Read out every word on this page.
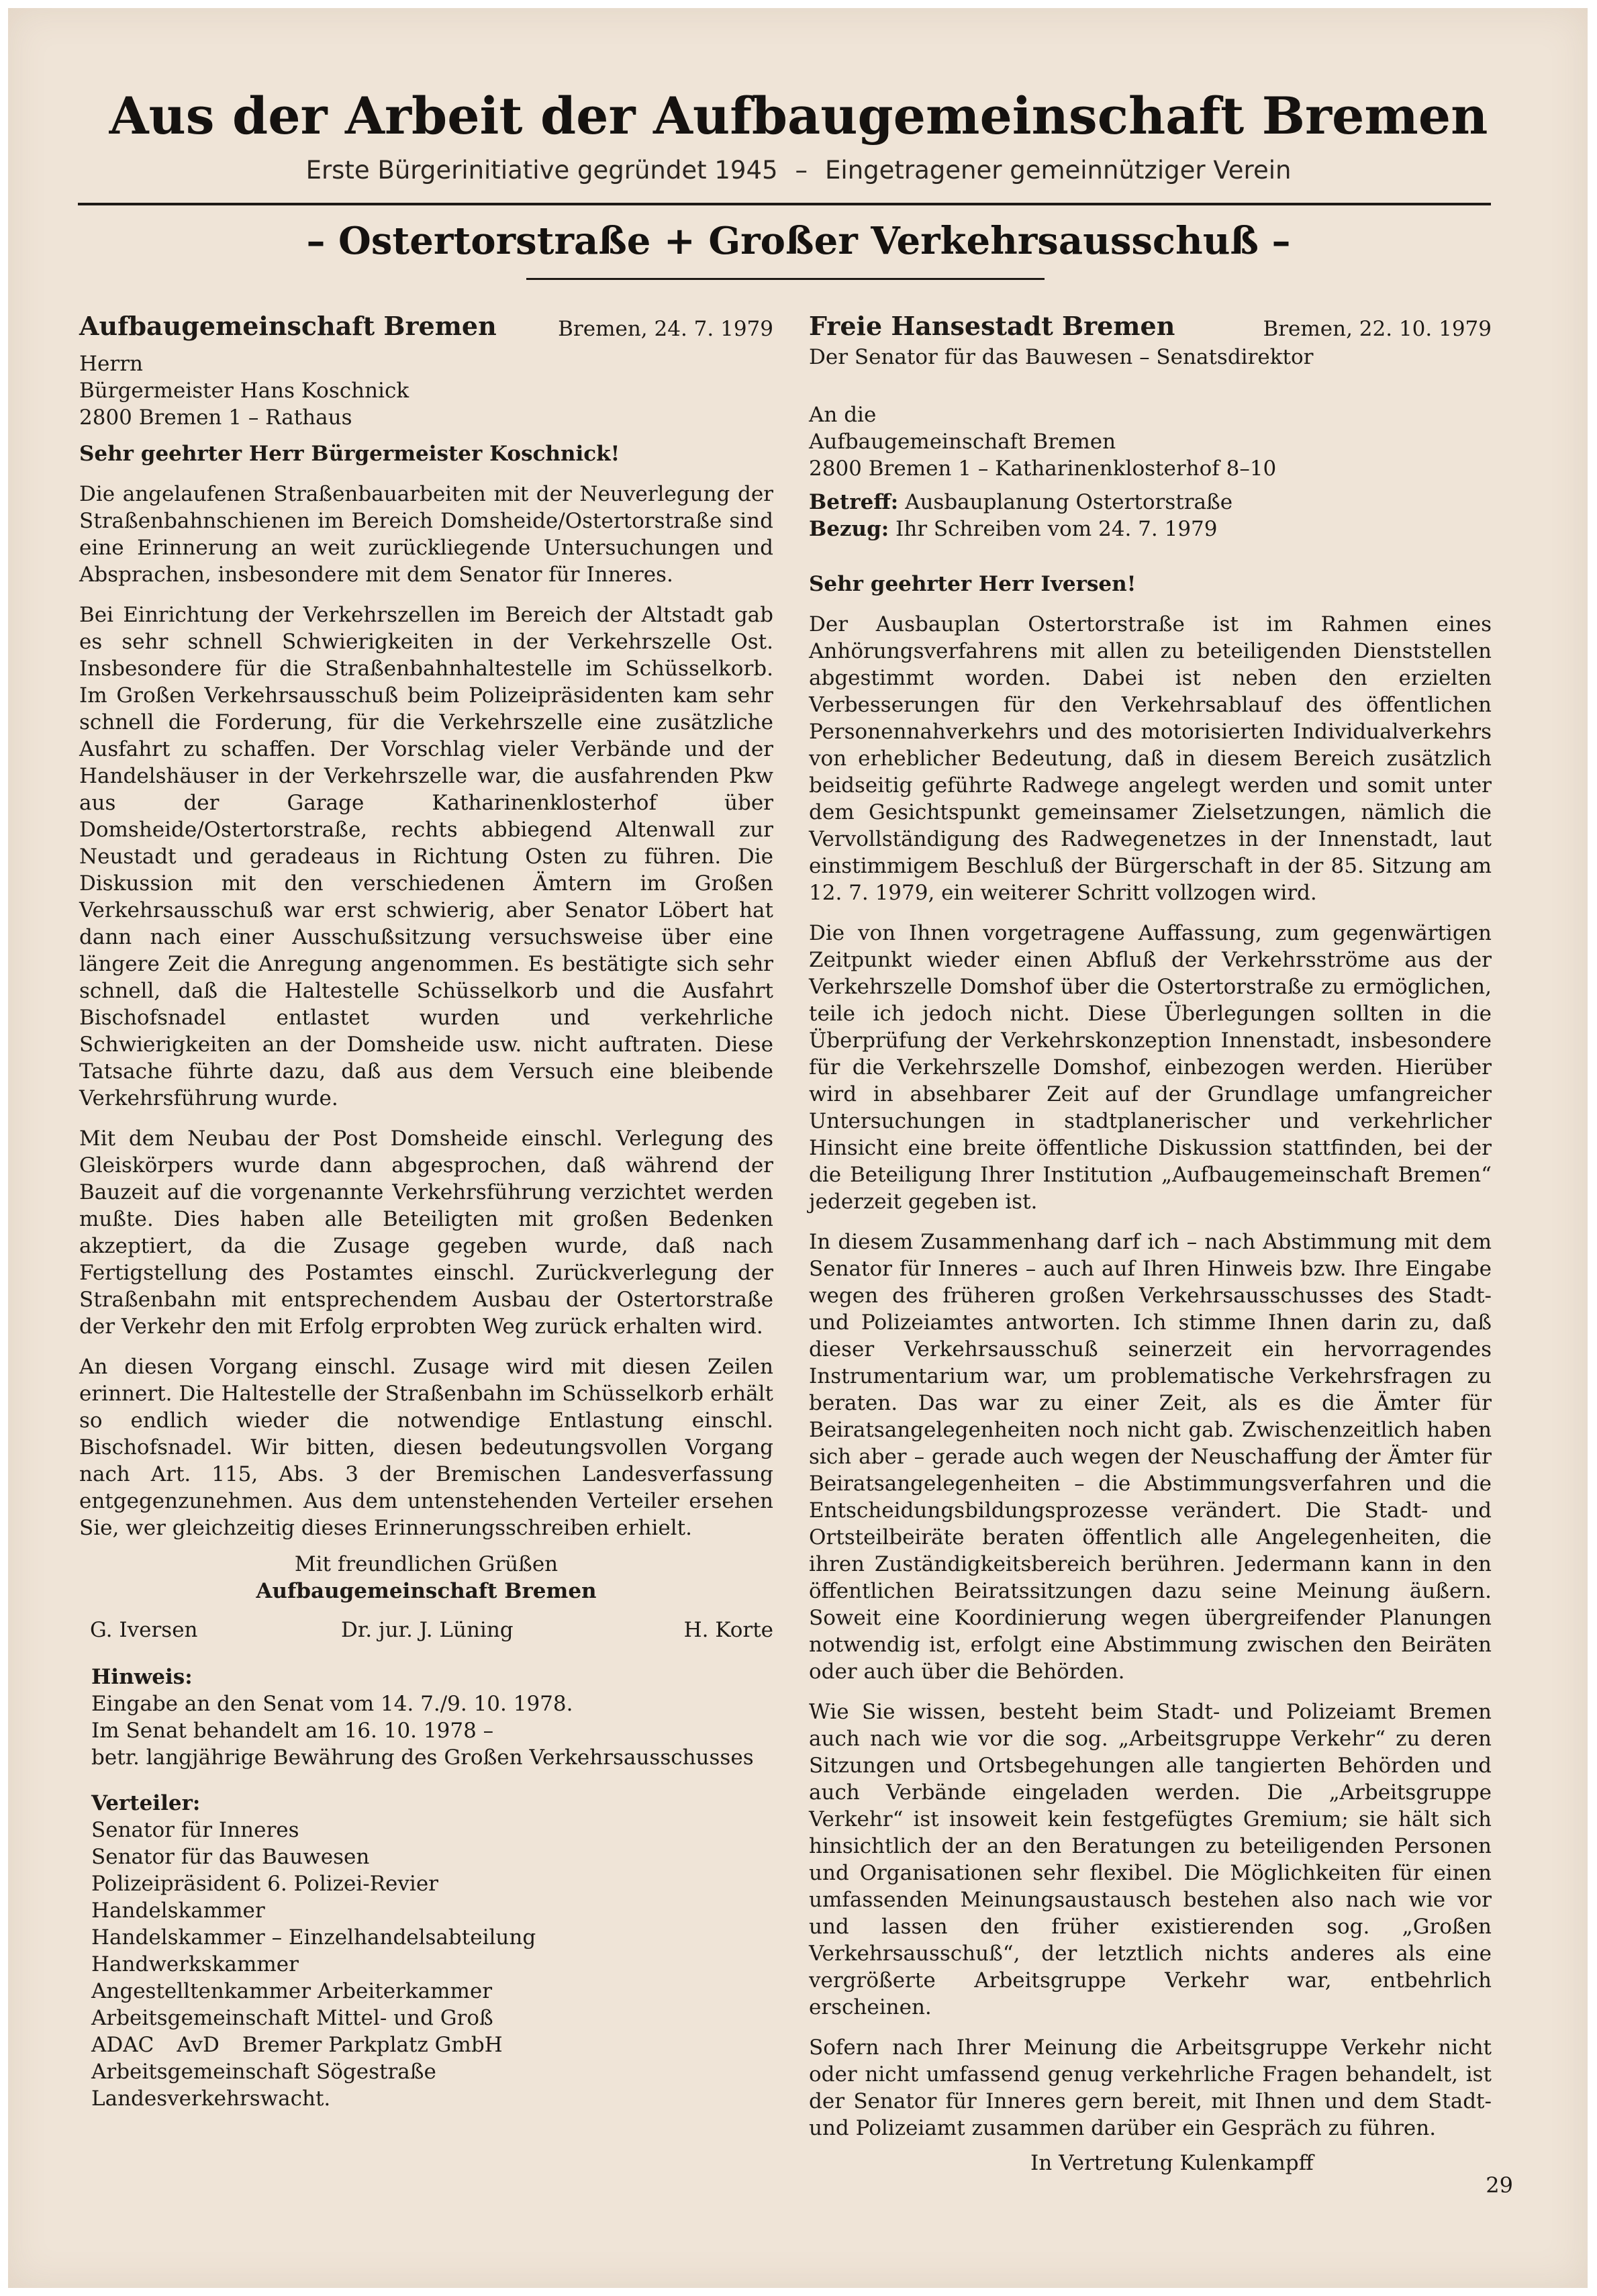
Aus der Arbeit der Aufbaugemeinschaft Bremen
Erste Bürgerinitiative gegründet 1945 – Eingetragener gemeinnütziger Verein
– Ostertorstraße + Großer Verkehrsausschuß –
Aufbaugemeinschaft Bremen	Bremen, 24. 7. 1979
Herrn
Bürgermeister Hans Koschnick
2800 Bremen 1 – Rathaus

Sehr geehrter Herr Bürgermeister Koschnick!

Die angelaufenen Straßenbauarbeiten mit der Neuverlegung der Straßenbahnschienen im Bereich Domsheide/Ostertorstraße sind eine Erinnerung an weit zurückliegende Untersuchungen und Absprachen, insbesondere mit dem Senator für Inneres.

Bei Einrichtung der Verkehrszellen im Bereich der Altstadt gab es sehr schnell Schwierigkeiten in der Verkehrszelle Ost. Insbesondere für die Straßenbahnhaltestelle im Schüsselkorb. Im Großen Verkehrsausschuß beim Polizeipräsidenten kam sehr schnell die Forderung, für die Verkehrszelle eine zusätzliche Ausfahrt zu schaffen. Der Vorschlag vieler Verbände und der Handelshäuser in der Verkehrszelle war, die ausfahrenden Pkw aus der Garage Katharinenklosterhof über Domsheide/Ostertorstraße, rechts abbiegend Altenwall zur Neustadt und geradeaus in Richtung Osten zu führen. Die Diskussion mit den verschiedenen Ämtern im Großen Verkehrsausschuß war erst schwierig, aber Senator Löbert hat dann nach einer Ausschußsitzung versuchsweise über eine längere Zeit die Anregung angenommen. Es bestätigte sich sehr schnell, daß die Haltestelle Schüsselkorb und die Ausfahrt Bischofsnadel entlastet wurden und verkehrliche Schwierigkeiten an der Domsheide usw. nicht auftraten. Diese Tatsache führte dazu, daß aus dem Versuch eine bleibende Verkehrsführung wurde.

Mit dem Neubau der Post Domsheide einschl. Verlegung des Gleiskörpers wurde dann abgesprochen, daß während der Bauzeit auf die vorgenannte Verkehrsführung verzichtet werden mußte. Dies haben alle Beteiligten mit großen Bedenken akzeptiert, da die Zusage gegeben wurde, daß nach Fertigstellung des Postamtes einschl. Zurückverlegung der Straßenbahn mit entsprechendem Ausbau der Ostertorstraße der Verkehr den mit Erfolg erprobten Weg zurück erhalten wird.

An diesen Vorgang einschl. Zusage wird mit diesen Zeilen erinnert. Die Haltestelle der Straßenbahn im Schüsselkorb erhält so endlich wieder die notwendige Entlastung einschl. Bischofsnadel. Wir bitten, diesen bedeutungsvollen Vorgang nach Art. 115, Abs. 3 der Bremischen Landesverfassung entgegenzunehmen. Aus dem untenstehenden Verteiler ersehen Sie, wer gleichzeitig dieses Erinnerungsschreiben erhielt.

Mit freundlichen Grüßen
Aufbaugemeinschaft Bremen
G. Iversen	Dr. jur. J. Lüning	H. Korte
Hinweis:
Eingabe an den Senat vom 14. 7./9. 10. 1978.
Im Senat behandelt am 16. 10. 1978 –
betr. langjährige Bewährung des Großen Verkehrsausschusses
Verteiler:
Senator für Inneres
Senator für das Bauwesen
Polizeipräsident 6. Polizei-Revier
Handelskammer
Handelskammer – Einzelhandelsabteilung
Handwerkskammer
Angestelltenkammer Arbeiterkammer
Arbeitsgemeinschaft Mittel- und Groß
ADAC AvD Bremer Parkplatz GmbH
Arbeitsgemeinschaft Sögestraße
Landesverkehrswacht.
Freie Hansestadt Bremen	Bremen, 22. 10. 1979
Der Senator für das Bauwesen – Senatsdirektor
An die
Aufbaugemeinschaft Bremen
2800 Bremen 1 – Katharinenklosterhof 8–10
Betreff: Ausbauplanung Ostertorstraße
Bezug: Ihr Schreiben vom 24. 7. 1979

Sehr geehrter Herr Iversen!

Der Ausbauplan Ostertorstraße ist im Rahmen eines Anhörungsverfahrens mit allen zu beteiligenden Dienststellen abgestimmt worden. Dabei ist neben den erzielten Verbesserungen für den Verkehrsablauf des öffentlichen Personennahverkehrs und des motorisierten Individualverkehrs von erheblicher Bedeutung, daß in diesem Bereich zusätzlich beidseitig geführte Radwege angelegt werden und somit unter dem Gesichtspunkt gemeinsamer Zielsetzungen, nämlich die Vervollständigung des Radwegenetzes in der Innenstadt, laut einstimmigem Beschluß der Bürgerschaft in der 85. Sitzung am 12. 7. 1979, ein weiterer Schritt vollzogen wird.

Die von Ihnen vorgetragene Auffassung, zum gegenwärtigen Zeitpunkt wieder einen Abfluß der Verkehrsströme aus der Verkehrszelle Domshof über die Ostertorstraße zu ermöglichen, teile ich jedoch nicht. Diese Überlegungen sollten in die Überprüfung der Verkehrskonzeption Innenstadt, insbesondere für die Verkehrszelle Domshof, einbezogen werden. Hierüber wird in absehbarer Zeit auf der Grundlage umfangreicher Untersuchungen in stadtplanerischer und verkehrlicher Hinsicht eine breite öffentliche Diskussion stattfinden, bei der die Beteiligung Ihrer Institution „Aufbaugemeinschaft Bremen“ jederzeit gegeben ist.

In diesem Zusammenhang darf ich – nach Abstimmung mit dem Senator für Inneres – auch auf Ihren Hinweis bzw. Ihre Eingabe wegen des früheren großen Verkehrsausschusses des Stadt- und Polizeiamtes antworten. Ich stimme Ihnen darin zu, daß dieser Verkehrsausschuß seinerzeit ein hervorragendes Instrumentarium war, um problematische Verkehrsfragen zu beraten. Das war zu einer Zeit, als es die Ämter für Beiratsangelegenheiten noch nicht gab. Zwischenzeitlich haben sich aber – gerade auch wegen der Neuschaffung der Ämter für Beiratsangelegenheiten – die Abstimmungsverfahren und die Entscheidungsbildungsprozesse verändert. Die Stadt- und Ortsteilbeiräte beraten öffentlich alle Angelegenheiten, die ihren Zuständigkeitsbereich berühren. Jedermann kann in den öffentlichen Beiratssitzungen dazu seine Meinung äußern. Soweit eine Koordinierung wegen übergreifender Planungen notwendig ist, erfolgt eine Abstimmung zwischen den Beiräten oder auch über die Behörden.

Wie Sie wissen, besteht beim Stadt- und Polizeiamt Bremen auch nach wie vor die sog. „Arbeitsgruppe Verkehr“ zu deren Sitzungen und Ortsbegehungen alle tangierten Behörden und auch Verbände eingeladen werden. Die „Arbeitsgruppe Verkehr“ ist insoweit kein festgefügtes Gremium; sie hält sich hinsichtlich der an den Beratungen zu beteiligenden Personen und Organisationen sehr flexibel. Die Möglichkeiten für einen umfassenden Meinungsaustausch bestehen also nach wie vor und lassen den früher existierenden sog. „Großen Verkehrsausschuß“, der letztlich nichts anderes als eine vergrößerte Arbeitsgruppe Verkehr war, entbehrlich erscheinen.

Sofern nach Ihrer Meinung die Arbeitsgruppe Verkehr nicht oder nicht umfassend genug verkehrliche Fragen behandelt, ist der Senator für Inneres gern bereit, mit Ihnen und dem Stadt- und Polizeiamt zusammen darüber ein Gespräch zu führen.

In Vertretung Kulenkampff
29
